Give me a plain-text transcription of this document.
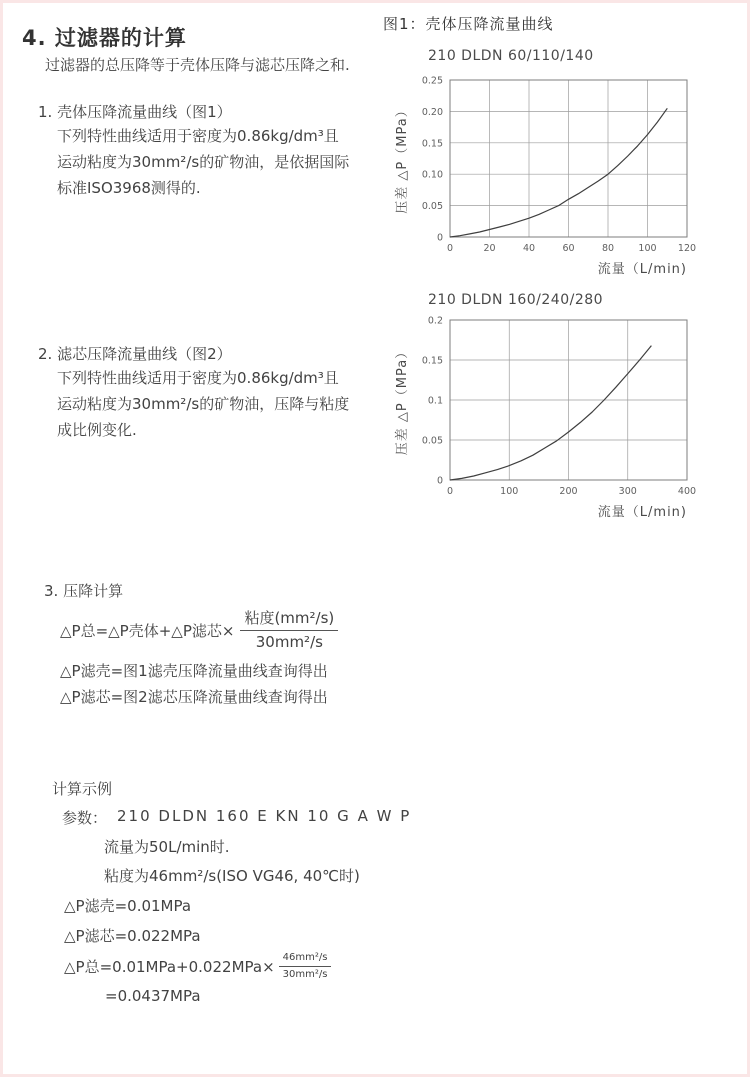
4. 过滤器的计算

过滤器的总压降等于壳体压降与滤芯压降之和.

1. 壳体压降流量曲线（图1）
下列特性曲线适用于密度为0.86kg/dm³且
运动粘度为30mm²/s的矿物油，是依据国际
标准ISO3968测得的.
2. 滤芯压降流量曲线（图2）
下列特性曲线适用于密度为0.86kg/dm³且
运动粘度为30mm²/s的矿物油，压降与粘度
成比例变化.
3. 压降计算
△P总=△P壳体+△P滤芯× $\frac{\text{粘度(mm²/s)}}{\text{30mm²/s}}$
△P滤壳=图1滤壳压降流量曲线查询得出
△P滤芯=图2滤芯压降流量曲线查询得出
计算示例
参数： 210 DLDN 160 E KN 10 G A W P
流量为50L/min时.
粘度为46mm²/s(ISO VG46, 40℃时)
△P滤壳=0.01MPa
△P滤芯=0.022MPa
△P总$=0.01MPa+0.022MPa\times \frac{\text{46mm²/s}}{\text{30mm²/s}}$
=0.0437MPa
图1：壳体压降流量曲线
210 DLDN 60/110/140
0	20	40	60	80	100 120
0
0.05
0.10
0.15
0.20
0.25
压差 △P（MPa）
流量（L/min)
210 DLDN 160/240/280
0	100	200	300	400
0
0.05
0.1
0.15
0.2
压差 △P（MPa）
流量（L/min)
